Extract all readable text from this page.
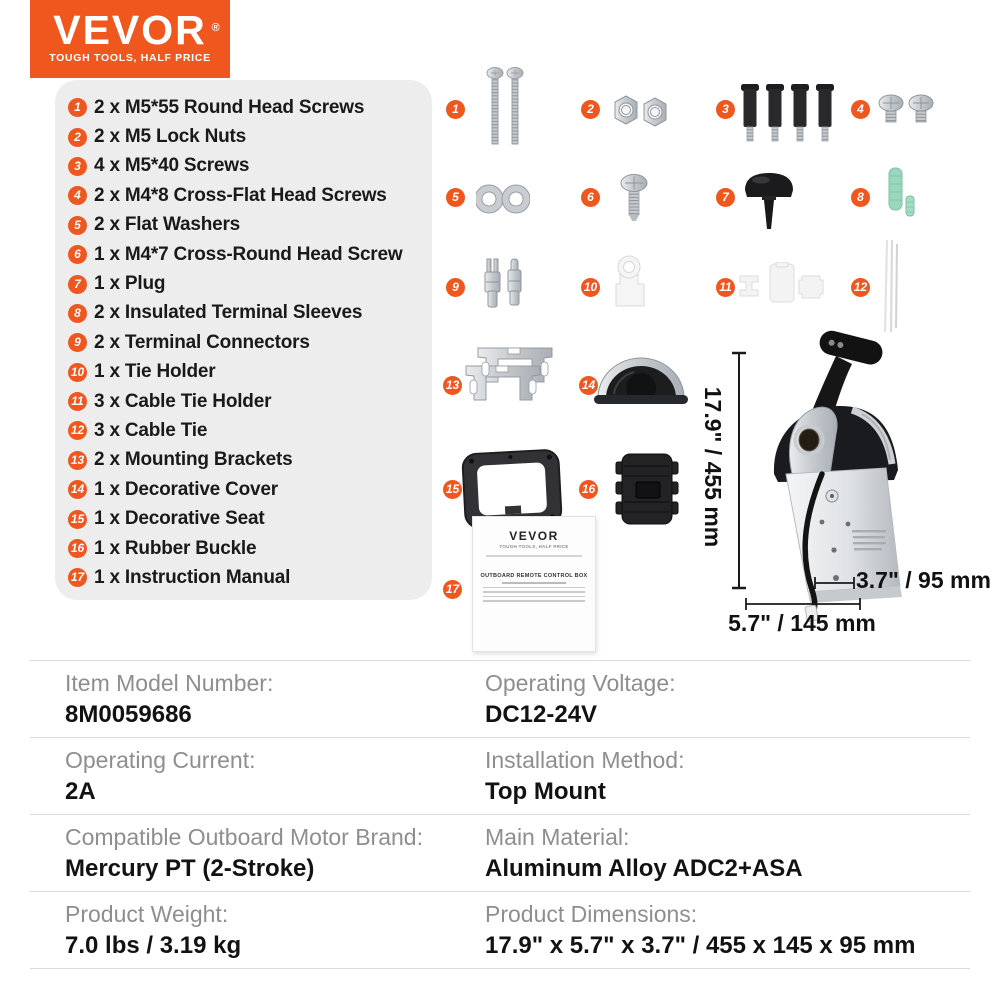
VEVOR ®
TOUGH TOOLS, HALF PRICE
1 2 x M5*55 Round Head Screws
2 2 x M5 Lock Nuts
3 4 x M5*40 Screws
4 2 x M4*8 Cross-Flat Head Screws
5 2 x Flat Washers
6 1 x M4*7 Cross-Round Head Screw
7 1 x Plug
8 2 x Insulated Terminal Sleeves
9 2 x Terminal Connectors
10 1 x Tie Holder
11 3 x Cable Tie Holder
12 3 x Cable Tie
13 2 x Mounting Brackets
14 1 x Decorative Cover
15 1 x Decorative Seat
16 1 x Rubber Buckle
17 1 x Instruction Manual
1	2	3	4
5	6	7	8
9	10	11	12
13	14
15	16
17
VEVOR
TOUGH TOOLS, HALF PRICE
OUTBOARD REMOTE CONTROL BOX
17.9" / 455 mm
3.7" / 95 mm
5.7" / 145 mm
Item Model Number:
8M0059686
Operating Voltage:
DC12-24V
Operating Current:
2A
Installation Method:
Top Mount
Compatible Outboard Motor Brand:
Mercury PT (2-Stroke)
Main Material:
Aluminum Alloy ADC2+ASA
Product Weight:
7.0 lbs / 3.19 kg
Product Dimensions:
17.9" x 5.7" x 3.7" / 455 x 145 x 95 mm
